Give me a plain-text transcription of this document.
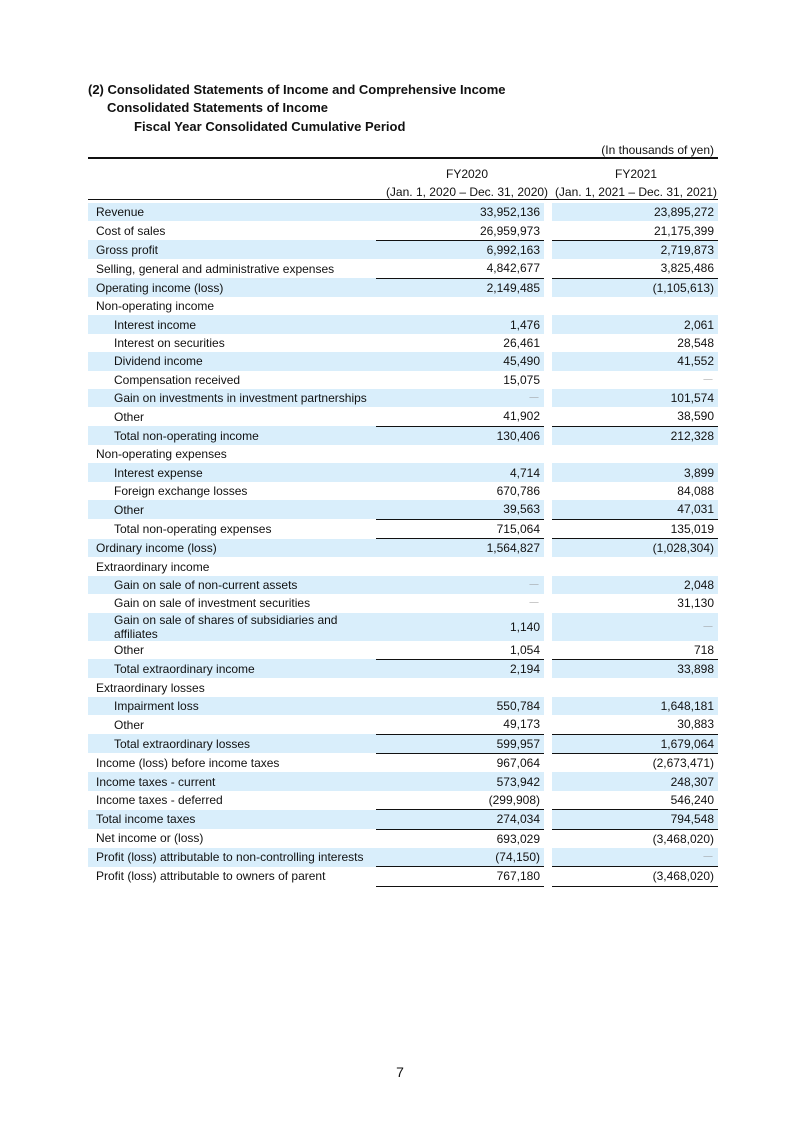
(2) Consolidated Statements of Income and Comprehensive Income
Consolidated Statements of Income
Fiscal Year Consolidated Cumulative Period
(In thousands of yen)
FY2020
(Jan. 1, 2020 – Dec. 31, 2020)
FY2021
(Jan. 1, 2021 – Dec. 31, 2021)
Revenue	33,952,136		23,895,272
Cost of sales	26,959,973		21,175,399
Gross profit	6,992,163		2,719,873
Selling, general and administrative expenses	4,842,677		3,825,486
Operating income (loss)	2,149,485		(1,105,613)
Non-operating income			
Interest income	1,476		2,061
Interest on securities	26,461		28,548
Dividend income	45,490		41,552
Compensation received	15,075		－
Gain on investments in investment partnerships	－		101,574
Other	41,902		38,590
Total non-operating income	130,406		212,328
Non-operating expenses			
Interest expense	4,714		3,899
Foreign exchange losses	670,786		84,088
Other	39,563		47,031
Total non-operating expenses	715,064		135,019
Ordinary income (loss)	1,564,827		(1,028,304)
Extraordinary income			
Gain on sale of non-current assets	－		2,048
Gain on sale of investment securities	－		31,130
Gain on sale of shares of subsidiaries and affiliates	1,140		－
Other	1,054		718
Total extraordinary income	2,194		33,898
Extraordinary losses			
Impairment loss	550,784		1,648,181
Other	49,173		30,883
Total extraordinary losses	599,957		1,679,064
Income (loss) before income taxes	967,064		(2,673,471)
Income taxes - current	573,942		248,307
Income taxes - deferred	(299,908)		546,240
Total income taxes	274,034		794,548
Net income or (loss)	693,029		(3,468,020)
Profit (loss) attributable to non-controlling interests	(74,150)		－
Profit (loss) attributable to owners of parent	767,180		(3,468,020)
7
